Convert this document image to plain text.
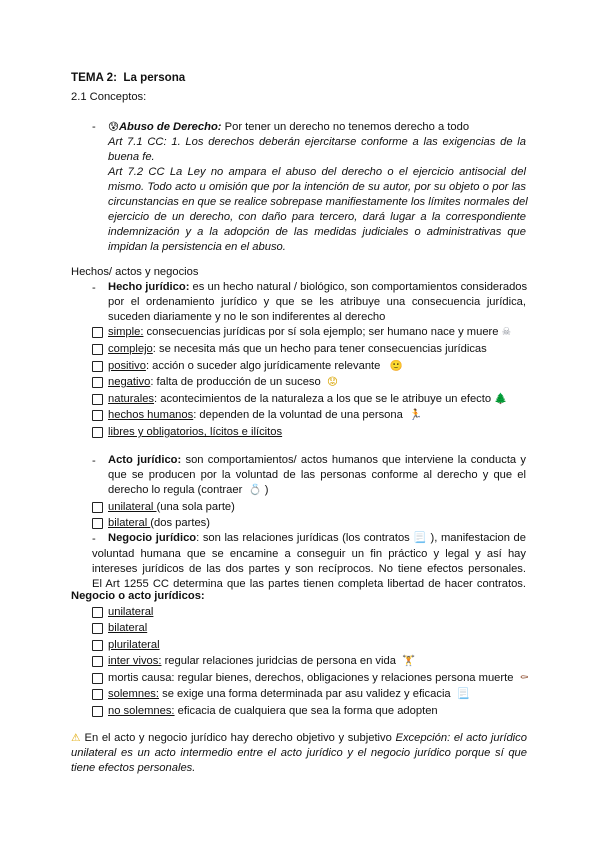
TEMA 2: La persona
2.1 Conceptos:
- 😰Abuso de Derecho: Por tener un derecho no tenemos derecho a todo
Art 7.1 CC: 1. Los derechos deberán ejercitarse conforme a las exigencias de la
buena fe.
Art 7.2 CC La Ley no ampara el abuso del derecho o el ejercicio antisocial del
mismo. Todo acto u omisión que por la intención de su autor, por su objeto o por las
circunstancias en que se realice sobrepase manifiestamente los límites normales del
ejercicio de un derecho, con daño para tercero, dará lugar a la correspondiente
indemnización y a la adopción de las medidas judiciales o administrativas que
impidan la persistencia en el abuso.
Hechos/ actos y negocios
- Hecho jurídico: es un hecho natural / biológico, son comportamientos considerados
por el ordenamiento jurídico y que se les atribuye una consecuencia jurídica,
suceden diariamente y no le son indiferentes al derecho
simple: consecuencias jurídicas por sí sola ejemplo; ser humano nace y muere ☠
complejo: se necesita más que un hecho para tener consecuencias jurídicas
positivo: acción o suceder algo jurídicamente relevante 🙂
negativo: falta de producción de un suceso 😟
naturales: acontecimientos de la naturaleza a los que se le atribuye un efecto 🌲
hechos humanos: dependen de la voluntad de una persona 🏃
libres y obligatorios, lícitos e ilícitos
- Acto jurídico: son comportamientos/ actos humanos que interviene la conducta y
que se producen por la voluntad de las personas conforme al derecho y que el
derecho lo regula (contraer 💍 )
unilateral (una sola parte)
bilateral (dos partes)
- Negocio jurídico: son las relaciones jurídicas (los contratos 📃 ), manifestacion de
voluntad humana que se encamine a conseguir un fin práctico y legal y así hay
intereses jurídicos de las dos partes y son recíprocos. No tiene efectos personales.
El Art 1255 CC determina que las partes tienen completa libertad de hacer contratos.
Negocio o acto jurídicos:
unilateral
bilateral
plurilateral
inter vivos: regular relaciones juridcias de persona en vida 🏋
mortis causa: regular bienes, derechos, obligaciones y relaciones persona muerte ⚰
solemnes: se exige una forma determinada par asu validez y eficacia 📃
no solemnes: eficacia de cualquiera que sea la forma que adopten
⚠ En el acto y negocio jurídico hay derecho objetivo y subjetivo Excepción: el acto jurídico
unilateral es un acto intermedio entre el acto jurídico y el negocio jurídico porque sí que
tiene efectos personales.
